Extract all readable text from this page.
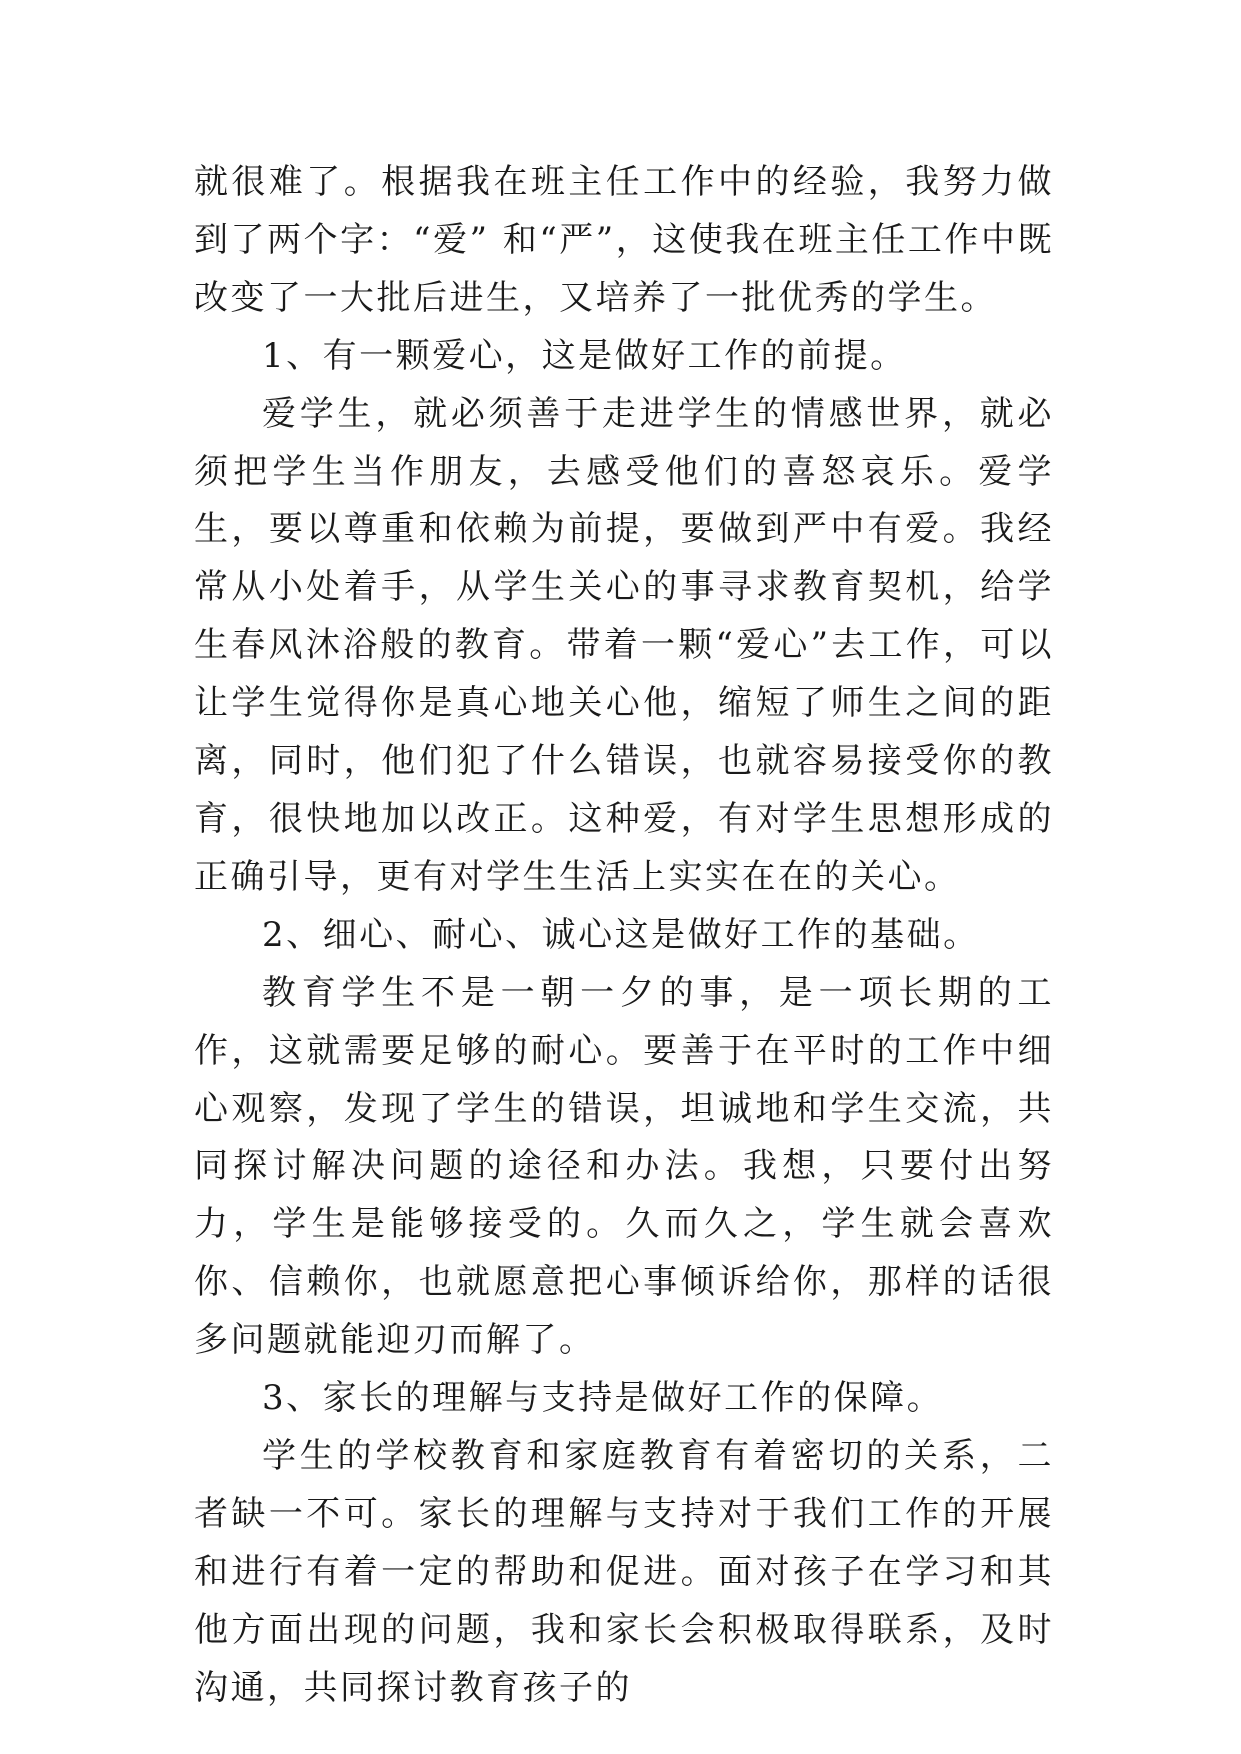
就很难了。根据我在班主任工作中的经验，我努力做到了两个字：“爱” 和“严”，这使我在班主任工作中既改变了一大批后进生，又培养了一批优秀的学生。

1、有一颗爱心，这是做好工作的前提。

爱学生，就必须善于走进学生的情感世界，就必须把学生当作朋友，去感受他们的喜怒哀乐。爱学生，要以尊重和依赖为前提，要做到严中有爱。我经常从小处着手，从学生关心的事寻求教育契机，给学生春风沐浴般的教育。带着一颗“爱心”去工作，可以让学生觉得你是真心地关心他，缩短了师生之间的距离，同时，他们犯了什么错误，也就容易接受你的教育，很快地加以改正。这种爱，有对学生思想形成的正确引导，更有对学生生活上实实在在的关心。

2、细心、耐心、诚心这是做好工作的基础。

教育学生不是一朝一夕的事，是一项长期的工作，这就需要足够的耐心。要善于在平时的工作中细心观察，发现了学生的错误，坦诚地和学生交流，共同探讨解决问题的途径和办法。我想，只要付出努力，学生是能够接受的。久而久之，学生就会喜欢你、信赖你，也就愿意把心事倾诉给你，那样的话很多问题就能迎刃而解了。

3、家长的理解与支持是做好工作的保障。

学生的学校教育和家庭教育有着密切的关系，二者缺一不可。家长的理解与支持对于我们工作的开展和进行有着一定的帮助和促进。面对孩子在学习和其他方面出现的问题，我和家长会积极取得联系，及时沟通，共同探讨教育孩子的
